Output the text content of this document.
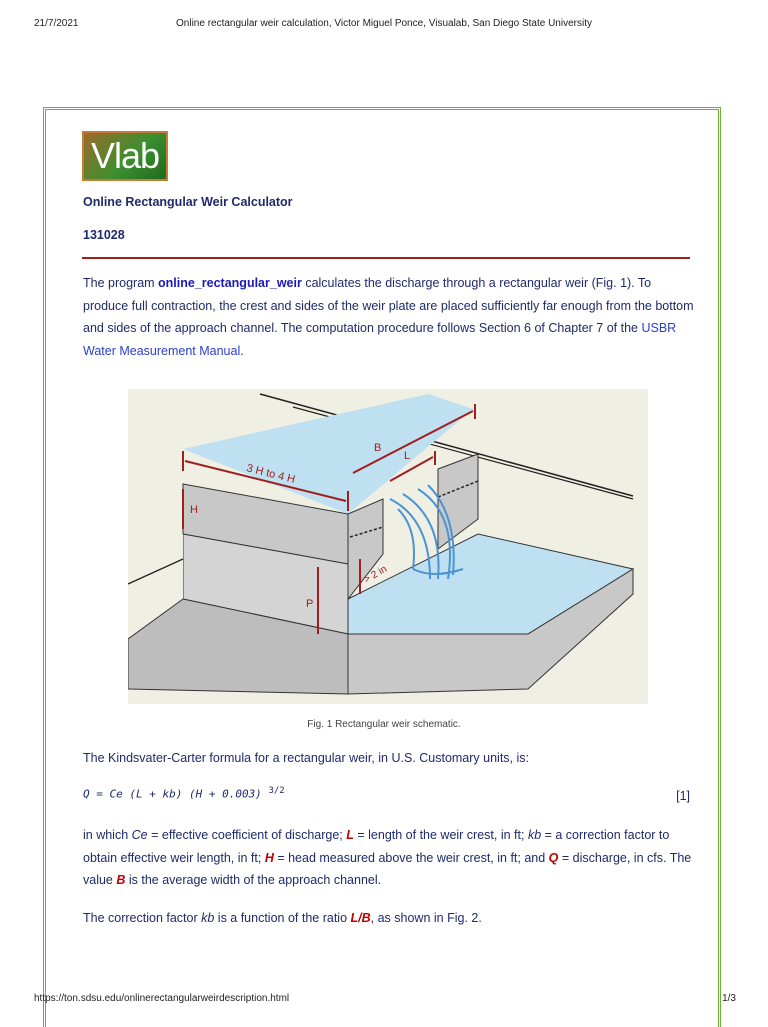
21/7/2021	Online rectangular weir calculation, Victor Miguel Ponce, Visualab, San Diego State University
Vlab
Online Rectangular Weir Calculator
131028
The program online_rectangular_weir calculates the discharge through a rectangular weir (Fig. 1). To produce full contraction, the crest and sides of the weir plate are placed sufficiently far enough from the bottom and sides of the approach channel. The computation procedure follows Section 6 of Chapter 7 of the USBR Water Measurement Manual.
3 H to 4 H
B
L
H
P
> 2 in
Fig. 1 Rectangular weir schematic.
The Kindsvater-Carter formula for a rectangular weir, in U.S. Customary units, is:
Q = Ce (L + kb) (H + 0.003) $^{3/2}$	[1]
in which Ce = effective coefficient of discharge; L = length of the weir crest, in ft; kb = a correction factor to obtain effective weir length, in ft; H = head measured above the weir crest, in ft; and Q = discharge, in cfs. The value B is the average width of the approach channel.
The correction factor kb is a function of the ratio L/B, as shown in Fig. 2.
https://ton.sdsu.edu/onlinerectangularweirdescription.html	1/3
